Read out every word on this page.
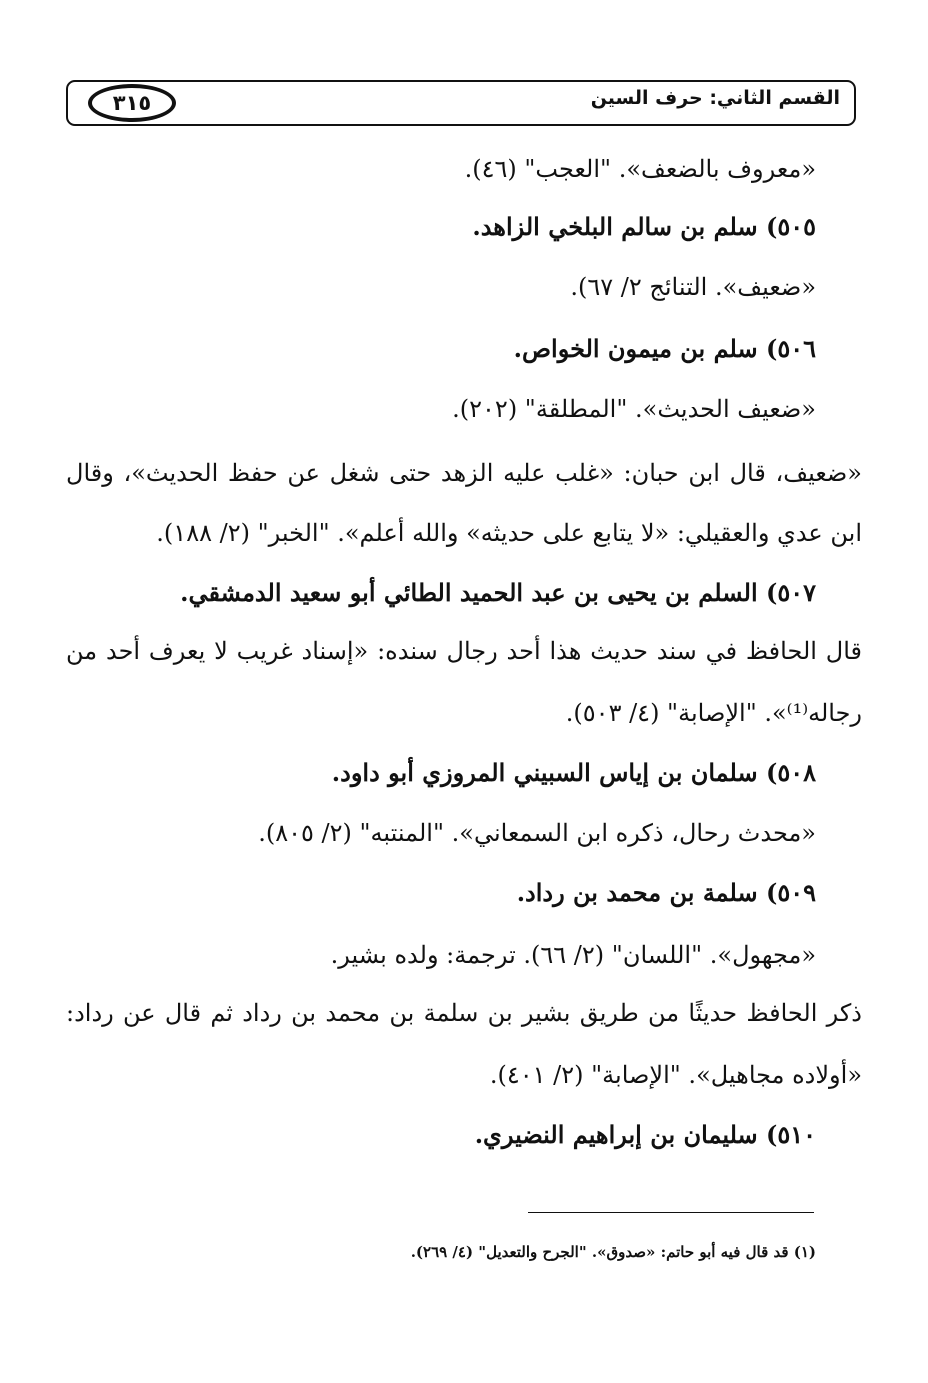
القسم الثاني: حرف السين
٣١٥
«معروف بالضعف». "العجب" (٤٦).
٥٠٥) سلم بن سالم البلخي الزاهد.
«ضعيف». التنائج ٢/ ٦٧).
٥٠٦) سلم بن ميمون الخواص.
«ضعيف الحديث». "المطلقة" (٢٠٢).
«ضعيف، قال ابن حبان: «غلب عليه الزهد حتى شغل عن حفظ الحديث»، وقال
ابن عدي والعقيلي: «لا يتابع على حديثه» والله أعلم». "الخبر" (٢/ ١٨٨).
٥٠٧) السلم بن يحيى بن عبد الحميد الطائي أبو سعيد الدمشقي.
قال الحافظ في سند حديث هذا أحد رجال سنده: «إسناد غريب لا يعرف أحد من
رجاله⁽¹⁾». "الإصابة" (٤/ ٥٠٣).
٥٠٨) سلمان بن إياس السبيني المروزي أبو داود.
«محدث رحال، ذكره ابن السمعاني». "المنتبه" (٢/ ٨٠٥).
٥٠٩) سلمة بن محمد بن رداد.
«مجهول». "اللسان" (٢/ ٦٦). ترجمة: ولده بشير.
ذكر الحافظ حديثًا من طريق بشير بن سلمة بن محمد بن رداد ثم قال عن رداد:
«أولاده مجاهيل». "الإصابة" (٢/ ٤٠١).
٥١٠) سليمان بن إبراهيم النضيري.
(١) قد قال فيه أبو حاتم: «صدوق». "الجرح والتعديل" (٤/ ٢٦٩).
